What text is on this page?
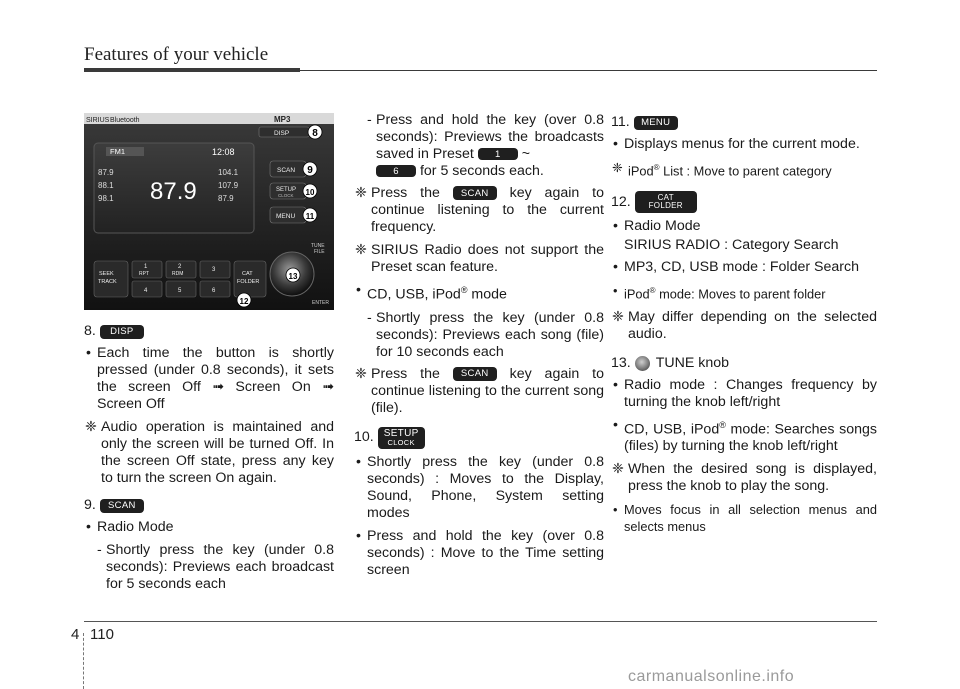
Features of your vehicle
SIRIUS Bluetooth	MP3
DISP
FM1	12:08
87.9
88.1
98.1 87.9
104.1
107.9
87.9
SCAN
SETUP
CLOCK
MENU
TUNE
FILE
ENTER
SEEK
TRACK
1
RPT
2
RDM
3
4	5	6
CAT
FOLDER
8
9
10
11
12
13
8.	DISP
• Each time the button is shortly pressed (under 0.8 seconds), it sets the screen Off ➟ Screen On ➟ Screen Off
❈ Audio operation is maintained and only the screen will be turned Off. In the screen Off state, press any key to turn the screen On again.
9.	SCAN
• Radio Mode
- Shortly press the key (under 0.8 seconds): Previews each broadcast for 5 seconds each
- Press and hold the key (over 0.8 seconds): Previews the broadcasts saved in Preset 1 ~
6 for 5 seconds each.
❈ Press the SCAN key again to continue listening to the current frequency.
❈ SIRIUS Radio does not support the Preset scan feature.
• CD, USB, iPod® mode
- Shortly press the key (under 0.8 seconds): Previews each song (file) for 10 seconds each
❈ Press the SCAN key again to continue listening to the current song (file).
10. SETUP
CLOCK
• Shortly press the key (under 0.8 seconds) : Moves to the Display, Sound, Phone, System setting modes
• Press and hold the key (over 0.8 seconds) : Move to the Time setting screen
11.	MENU
• Displays menus for the current mode.
❈ iPod® List : Move to parent category
12.	CAT
FOLDER
• Radio Mode
SIRIUS RADIO : Category Search
• MP3, CD, USB mode : Folder Search
• iPod® mode: Moves to parent folder
❈ May differ depending on the selected audio.
13. TUNE knob
• Radio mode : Changes frequency by turning the knob left/right
• CD, USB, iPod® mode: Searches songs (files) by turning the knob left/right
❈ When the desired song is displayed, press the knob to play the song.
• Moves focus in all selection menus and selects menus
4 110
carmanualsonline.info
